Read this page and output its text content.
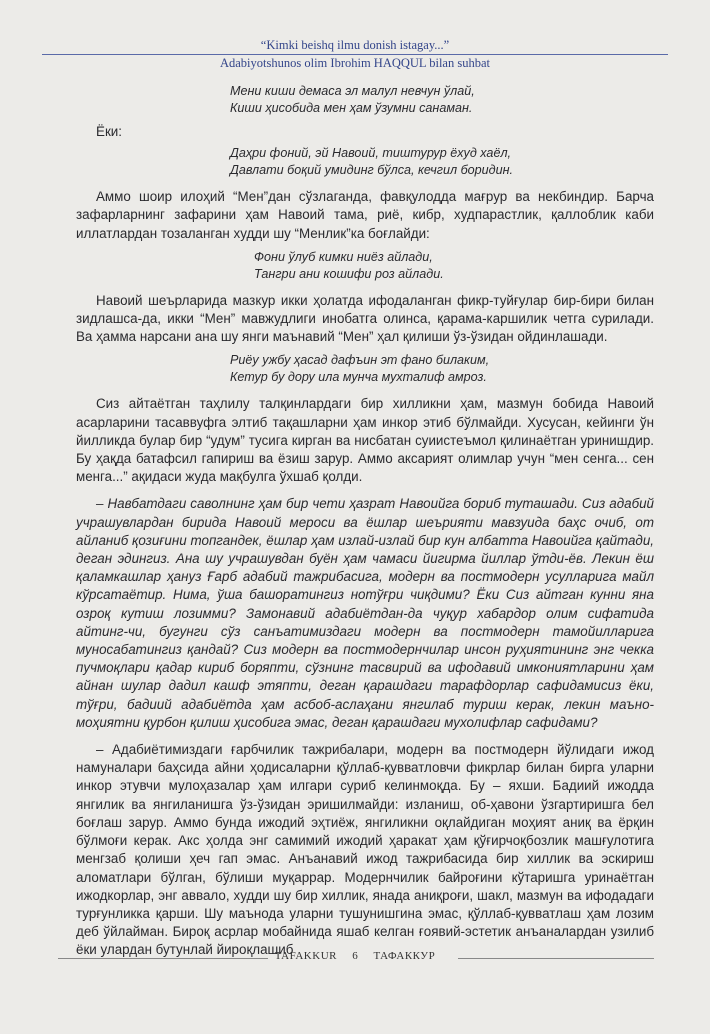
“Kimki beishq ilmu donish istagay...”
Adabiyotshunos olim Ibrohim HAQQUL bilan suhbat
Мени киши демаса эл малул невчун ўлай,
Киши ҳисобида мен ҳам ўзумни санаман.
Ёки:
Даҳри фоний, эй Навоий, тиштурур ёхуд хаёл,
Давлати боқий умидинг бўлса, кечгил боридин.

Аммо шоир илоҳий “Мен”дан сўзлаганда, фавқулодда мағрур ва некбиндир. Барча зафарларнинг зафарини ҳам Навоий тама, риё, кибр, худпарастлик, қаллоблик каби иллатлардан тозаланган худди шу “Менлик”ка боғлайди:

Фони ўлуб кимки ниёз айлади,
Тангри ани кошифи роз айлади.

Навоий шеърларида мазкур икки ҳолатда ифодаланган фикр-туйғулар бир-бири билан зидлашса-да, икки “Мен” мавжудлиги инобатга олинса, қарама-каршилик четга сурилади. Ва ҳамма нарсани ана шу янги маънавий “Мен” ҳал қилиши ўз-ўзидан ойдинлашади.

Риёу ужбу ҳасад дафъин эт фано билаким,
Кетур бу дору ила мунча мухталиф амроз.

Сиз айтаётган таҳлилу талқинлардаги бир хилликни ҳам, мазмун бобида Навоий асарларини тасаввуфга элтиб тақашларни ҳам инкор этиб бўлмайди. Хусусан, кейинги ўн йилликда булар бир “удум” тусига кирган ва нисбатан суиистеъмол қилинаётган уринишдир. Бу ҳақда батафсил гапириш ва ёзиш зарур. Аммо аксарият олимлар учун “мен сенга... сен менга...” ақидаси жуда мақбулга ўхшаб қолди.

– Навбатдаги саволнинг ҳам бир чети ҳазрат Навоийга бориб туташади. Сиз адабий учрашувлардан бирида Навоий мероси ва ёшлар шеърияти мавзуида баҳс очиб, от айланиб қозиғини топгандек, ёшлар ҳам излай-излай бир кун албатта Навоийга қайтади, деган эдингиз. Ана шу учрашувдан буён ҳам чамаси йигирма йиллар ўтди-ёв. Лекин ёш қаламкашлар ҳануз Ғарб адабий тажрибасига, модерн ва постмодерн усулларига майл кўрсатаётир. Нима, ўша башоратингиз нотўғри чиқдими? Ёки Сиз айтган кунни яна озроқ кутиш лозимми? Замонавий адабиётдан-да чуқур хабардор олим сифатида айтинг-чи, бугунги сўз санъатимиздаги модерн ва постмодерн тамойилларига муносабатингиз қандай? Сиз модерн ва постмодернчилар инсон руҳиятининг энг чекка пучмоқлари қадар кириб боряпти, сўзнинг тасвирий ва ифодавий имкониятларини ҳам айнан шулар дадил кашф этяпти, деган қарашдаги тарафдорлар сафидамисиз ёки, тўғри, бадиий адабиётда ҳам асбоб-аслаҳани янгилаб туриш керак, лекин маъно-моҳиятни қурбон қилиш ҳисобига эмас, деган қарашдаги мухолифлар сафидами?

– Адабиётимиздаги ғарбчилик тажрибалари, модерн ва постмодерн йўлидаги ижод намуналари баҳсида айни ҳодисаларни қўллаб-қувватловчи фикрлар билан бирга уларни инкор этувчи мулоҳазалар ҳам илгари суриб келинмоқда. Бу – яхши. Бадиий ижодда янгилик ва янгиланишга ўз-ўзидан эришилмайди: изланиш, об-ҳавони ўзгартиришга бел боғлаш зарур. Аммо бунда ижодий эҳтиёж, янгиликни оқлайдиган моҳият аниқ ва ёрқин бўлмоғи керак. Акс ҳолда энг самимий ижодий ҳаракат ҳам қўғирчоқбозлик машғулотига менгзаб қолиши ҳеч гап эмас. Анъанавий ижод тажрибасида бир хиллик ва эскириш аломатлари бўлган, бўлиши муқаррар. Модернчилик байроғини кўтаришга уринаётган ижодкорлар, энг аввало, худди шу бир хиллик, янада аниқроғи, шакл, мазмун ва ифодадаги турғунликка қарши. Шу маънода уларни тушунишгина эмас, қўллаб-қувватлаш ҳам лозим деб ўйлайман. Бироқ асрлар мобайнида яшаб келган ғоявий-эстетик анъаналардан узилиб ёки улардан бутунлай йироқлашиб

TAFAKKUR 6 ТАФАККУР
